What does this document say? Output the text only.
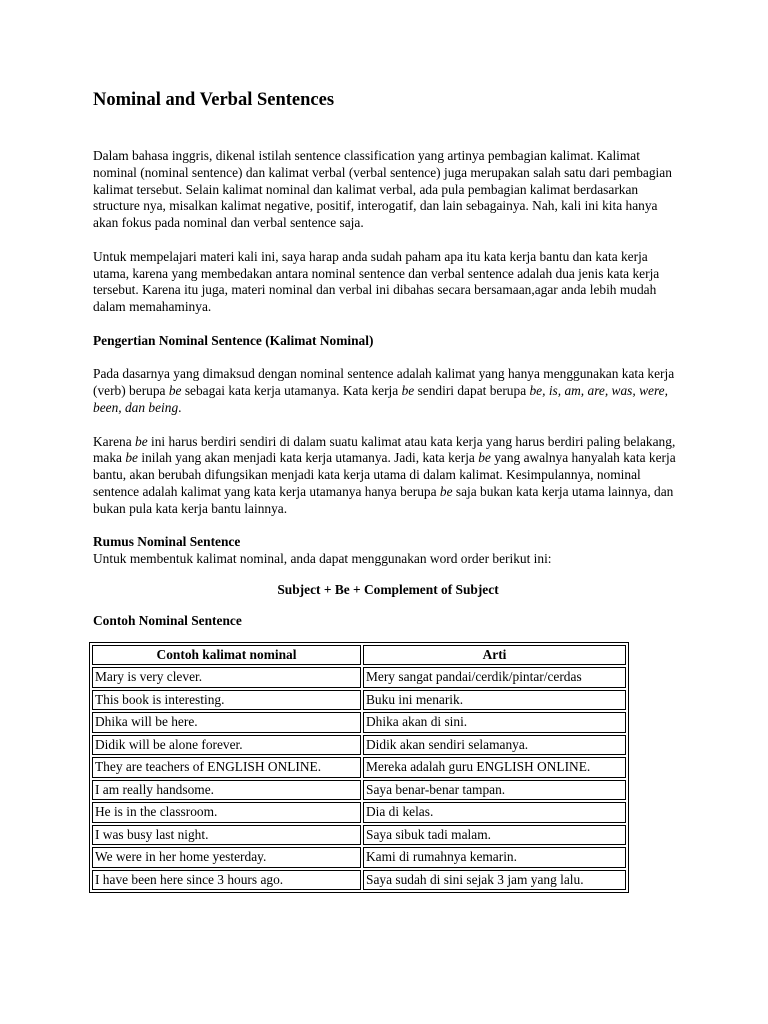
Nominal and Verbal Sentences

Dalam bahasa inggris, dikenal istilah sentence classification yang artinya pembagian kalimat. Kalimat nominal (nominal sentence) dan kalimat verbal (verbal sentence) juga merupakan salah satu dari pembagian kalimat tersebut. Selain kalimat nominal dan kalimat verbal, ada pula pembagian kalimat berdasarkan structure nya, misalkan kalimat negative, positif, interogatif, dan lain sebagainya. Nah, kali ini kita hanya akan fokus pada nominal dan verbal sentence saja.

Untuk mempelajari materi kali ini, saya harap anda sudah paham apa itu kata kerja bantu dan kata kerja utama, karena yang membedakan antara nominal sentence dan verbal sentence adalah dua jenis kata kerja tersebut. Karena itu juga, materi nominal dan verbal ini dibahas secara bersamaan,agar anda lebih mudah dalam memahaminya.

Pengertian Nominal Sentence (Kalimat Nominal)

Pada dasarnya yang dimaksud dengan nominal sentence adalah kalimat yang hanya menggunakan kata kerja (verb) berupa be sebagai kata kerja utamanya. Kata kerja be sendiri dapat berupa be, is, am, are, was, were, been, dan being.

Karena be ini harus berdiri sendiri di dalam suatu kalimat atau kata kerja yang harus berdiri paling belakang, maka be inilah yang akan menjadi kata kerja utamanya. Jadi, kata kerja be yang awalnya hanyalah kata kerja bantu, akan berubah difungsikan menjadi kata kerja utama di dalam kalimat. Kesimpulannya, nominal sentence adalah kalimat yang kata kerja utamanya hanya berupa be saja bukan kata kerja utama lainnya, dan bukan pula kata kerja bantu lainnya.

Rumus Nominal Sentence

Untuk membentuk kalimat nominal, anda dapat menggunakan word order berikut ini:

Subject + Be + Complement of Subject

Contoh Nominal Sentence

Contoh kalimat nominal	Arti
Mary is very clever.	Mery sangat pandai/cerdik/pintar/cerdas
This book is interesting.	Buku ini menarik.
Dhika will be here.	Dhika akan di sini.
Didik will be alone forever.	Didik akan sendiri selamanya.
They are teachers of ENGLISH ONLINE.	Mereka adalah guru ENGLISH ONLINE.
I am really handsome.	Saya benar-benar tampan.
He is in the classroom.	Dia di kelas.
I was busy last night.	Saya sibuk tadi malam.
We were in her home yesterday.	Kami di rumahnya kemarin.
I have been here since 3 hours ago.	Saya sudah di sini sejak 3 jam yang lalu.
